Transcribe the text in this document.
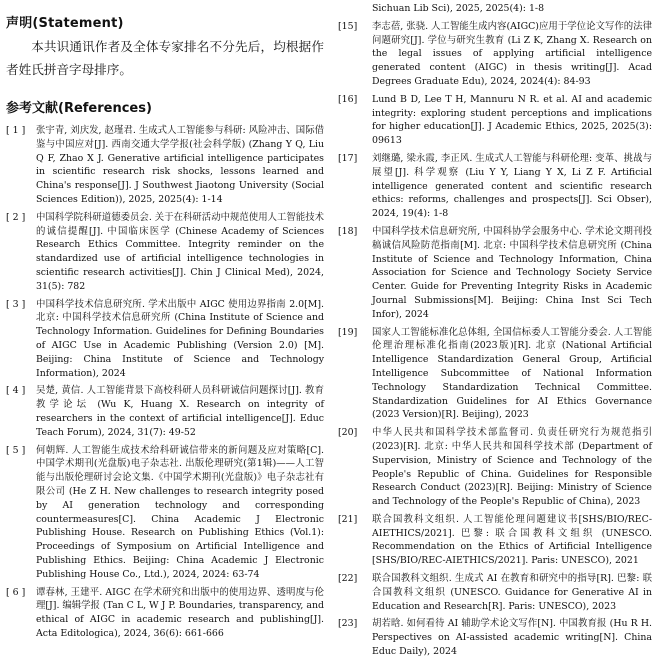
声明(Statement)

本共识通讯作者及全体专家排名不分先后，均根据作者姓氏拼音字母排序。

参考文献(References)
[ 1 ]	张宇青, 刘庆发, 赵瑾君. 生成式人工智能参与科研: 风险冲击、国际借鉴与中国应对[J]. 西南交通大学学报(社会科学版) (Zhang Y Q, Liu Q F, Zhao X J. Generative artificial intelligence participates in scientific research risk shocks, lessons learned and China's response[J]. J Southwest Jiaotong University (Social Sciences Edition)), 2025, 2025(4): 1-14
[ 2 ]	中国科学院科研道德委员会. 关于在科研活动中规范使用人工智能技术的诚信提醒[J]. 中国临床医学 (Chinese Academy of Sciences Research Ethics Committee. Integrity reminder on the standardized use of artificial intelligence technologies in scientific research activities[J]. Chin J Clinical Med), 2024, 31(5): 782
[ 3 ]	中国科学技术信息研究所. 学术出版中 AIGC 使用边界指南 2.0[M]. 北京: 中国科学技术信息研究所 (China Institute of Science and Technology Information. Guidelines for Defining Boundaries of AIGC Use in Academic Publishing (Version 2.0) [M]. Beijing: China Institute of Science and Technology Information), 2024
[ 4 ]	吴楚, 黄信. 人工智能背景下高校科研人员科研诚信问题探讨[J]. 教育教学论坛 (Wu K, Huang X. Research on integrity of researchers in the context of artificial intelligence[J]. Educ Teach Forum), 2024, 31(7): 49-52
[ 5 ]	何朝辉. 人工智能生成技术给科研诚信带来的新问题及应对策略[C]. 中国学术期刊(光盘版)电子杂志社. 出版伦理研究(第1辑)——人工智能与出版伦理研讨会论文集.《中国学术期刊(光盘版)》电子杂志社有限公司 (He Z H. New challenges to research integrity posed by AI generation technology and corresponding countermeasures[C]. China Academic J Electronic Publishing House. Research on Publishing Ethics (Vol.1): Proceedings of Symposium on Artificial Intelligence and Publishing Ethics. Beijing: China Academic J Electronic Publishing House Co., Ltd.), 2024, 2024: 63-74
[ 6 ]	谭春林, 王建平. AIGC 在学术研究和出版中的使用边界、透明度与伦理[J]. 编辑学报 (Tan C L, W J P. Boundaries, transparency, and ethical of AIGC in academic research and publishing[J]. Acta Editologica), 2024, 36(6): 661-666
Sichuan Lib Sci), 2025, 2025(4): 1-8
[15]	李志蓓, 张骁. 人工智能生成内容(AIGC)应用于学位论文写作的法律问题研究[J]. 学位与研究生教育 (Li Z K, Zhang X. Research on the legal issues of applying artificial intelligence generated content (AIGC) in thesis writing[J]. Acad Degrees Graduate Edu), 2024, 2024(4): 84-93
[16]	Lund B D, Lee T H, Mannuru N R. et al. AI and academic integrity: exploring student perceptions and implications for higher education[J]. J Academic Ethics, 2025, 2025(3): 09613
[17]	刘继璐, 梁永霞, 李正风. 生成式人工智能与科研伦理: 变革、挑战与展望[J]. 科学观察 (Liu Y Y, Liang Y X, Li Z F. Artificial intelligence generated content and scientific research ethics: reforms, challenges and prospects[J]. Sci Obser), 2024, 19(4): 1-8
[18]	中国科学技术信息研究所, 中国科协学会服务中心. 学术论文期刊投稿诚信风险防范指南[M]. 北京: 中国科学技术信息研究所 (China Institute of Science and Technology Information, China Association for Science and Technology Society Service Center. Guide for Preventing Integrity Risks in Academic Journal Submissions[M]. Beijing: China Inst Sci Tech Infor), 2024
[19]	国家人工智能标准化总体组, 全国信标委人工智能分委会. 人工智能伦理治理标准化指南(2023版)[R]. 北京 (National Artificial Intelligence Standardization General Group, Artificial Intelligence Subcommittee of National Information Technology Standardization Technical Committee. Standardization Guidelines for AI Ethics Governance (2023 Version)[R]. Beijing), 2023
[20]	中华人民共和国科学技术部监督司. 负责任研究行为规范指引(2023)[R]. 北京: 中华人民共和国科学技术部 (Department of Supervision, Ministry of Science and Technology of the People's Republic of China. Guidelines for Responsible Research Conduct (2023)[R]. Beijing: Ministry of Science and Technology of the People's Republic of China), 2023
[21]	联合国教科文组织. 人工智能伦理问题建议书[SHS/BIO/REC-AIETHICS/2021]. 巴黎: 联合国教科文组织 (UNESCO. Recommendation on the Ethics of Artificial Intelligence [SHS/BIO/REC-AIETHICS/2021]. Paris: UNESCO), 2021
[22]	联合国教科文组织. 生成式 AI 在教育和研究中的指导[R]. 巴黎: 联合国教科文组织 (UNESCO. Guidance for Generative AI in Education and Research[R]. Paris: UNESCO), 2023
[23]	胡若晗. 如何看待 AI 辅助学术论文写作[N]. 中国教育报 (Hu R H. Perspectives on AI-assisted academic writing[N]. China Educ Daily), 2024
